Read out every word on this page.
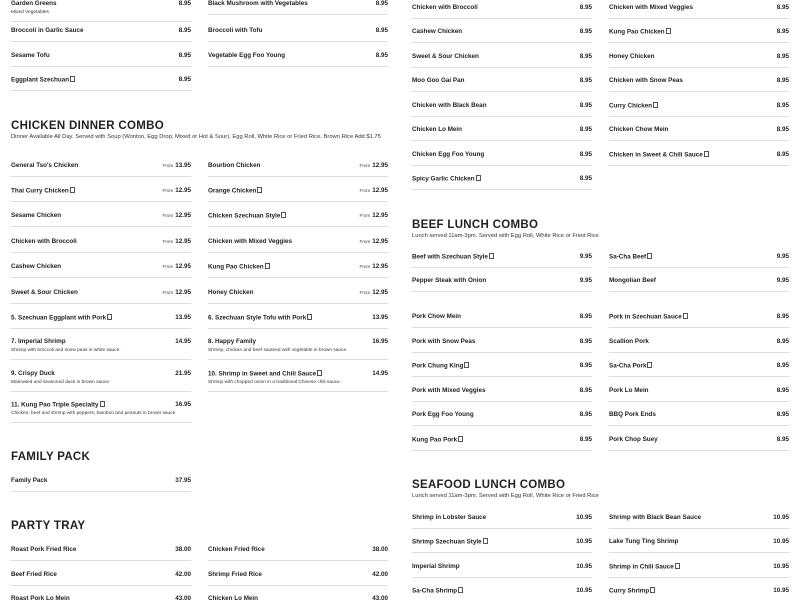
CHICKEN DINNER COMBO
Dinner Available All Day. Served with Soup (Wonton, Egg Drop, Mixed or Hot & Sour), Egg Roll, White Rice or Fried Rice, Brown Rice Add $1.75
FAMILY PACK
PARTY TRAY
Garden Greens	8.95
Mixed Vegetables
Black Mushroom with Vegetables	8.95
Broccoli in Garlic Sauce	8.95	Broccoli with Tofu	8.95
Sesame Tofu	8.95	Vegetable Egg Foo Young	8.95
Eggplant Szechuan	8.95
General Tso's Chicken	From 13.95	Bourbon Chicken	From 12.95
Thai Curry Chicken	From 12.95	Orange Chicken	From 12.95
Sesame Chicken	From 12.95	Chicken Szechuan Style	From 12.95
Chicken with Broccoli	From 12.95	Chicken with Mixed Veggies	From 12.95
Cashew Chicken	From 12.95	Kung Pao Chicken	From 12.95
Sweet & Sour Chicken	From 12.95	Honey Chicken	From 12.95
5. Szechuan Eggplant with Pork	13.95	6. Szechuan Style Tofu with Pork	13.95
7. Imperial Shrimp	14.95
Shrimp with broccoli and snow peas in white sauce.
8. Happy Family	16.95
Shrimp, chicken and beef sauteed with vegetable in brown sauce.
9. Crispy Duck	21.95
Marinated and seasoned duck in brown sauce.
10. Shrimp in Sweet and Chili Sauce	14.95
Shrimp with chopped onion in a traditional Chinese chili sauce.
11. Kung Pao Triple Specialty	16.95
Chicken, beef and shrimp with peppers, bamboo and peanuts in brown sauce
Family Pack	37.95
Roast Pork Fried Rice	38.00	Chicken Fried Rice	38.00
Beef Fried Rice	42.00	Shrimp Fried Rice	42.00
Roast Pork Lo Mein	43.00	Chicken Lo Mein	43.00
BEEF LUNCH COMBO
Lunch served 11am-3pm. Served with Egg Roll, White Rice or Fried Rice
SEAFOOD LUNCH COMBO
Lunch served 11am-3pm. Served with Egg Roll, White Rice or Fried Rice
Chicken with Broccoli	8.95	Chicken with Mixed Veggies	8.95
Cashew Chicken	8.95	Kung Pao Chicken	8.95
Sweet & Sour Chicken	8.95	Honey Chicken	8.95
Moo Goo Gai Pan	8.95	Chicken with Snow Peas	8.95
Chicken with Black Bean	8.95	Curry Chicken	8.95
Chicken Lo Mein	8.95	Chicken Chow Mein	8.95
Chicken Egg Foo Young	8.95	Chicken in Sweet & Chili Sauce	8.95
Spicy Garlic Chicken	8.95
Beef with Szechuan Style	9.95	Sa-Cha Beef	9.95
Pepper Steak with Onion	9.95	Mongolian Beef	9.95
Pork Chow Mein	8.95	Pork in Szechuan Sauce	8.95
Pork with Snow Peas	8.95	Scallion Pork	8.95
Pork Chung King	8.95	Sa-Cha Pork	8.95
Pork with Mixed Veggies	8.95	Pork Lo Mein	8.95
Pork Egg Foo Young	8.95	BBQ Pork Ends	8.95
Kung Pao Pork	8.95	Pork Chop Suey	8.95
Shrimp in Lobster Sauce	10.95	Shrimp with Black Bean Sauce	10.95
Shrimp Szechuan Style	10.95	Lake Tung Ting Shrimp	10.95
Imperial Shrimp	10.95	Shrimp in Chili Sauce	10.95
Sa-Cha Shrimp	10.95	Curry Shrimp	10.95
